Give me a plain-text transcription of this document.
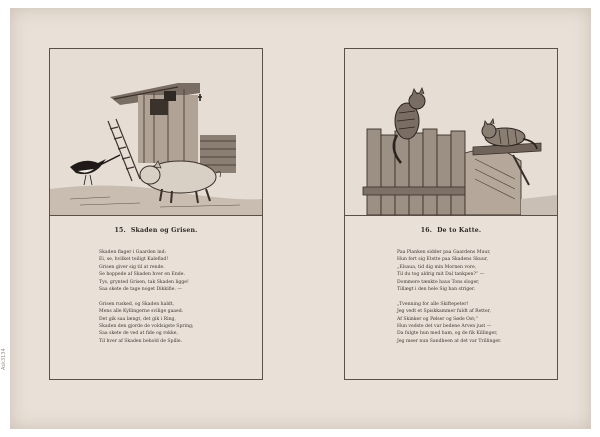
15. Skaden og Grisen.
Skaden flager i Gaarden ind:
Ei, se, hvilket teiligt Kaleflad!
Grisen giver sig til at rende.
Se hoppede af Skaden hver en Ende.
Tys, grynted Grisen, tak Skaden ligge!
Saa skete de tage noget Dikkifie. —
Grisen rusked, og Skaden haldt,
Mens alle Kyllingerne svilige gaaed.
Det gik saa længt, det gik i Ring,
Skaden den gjorde de voldsigste Spring;
Saa skete de ved at fide og rokke,
Til hver af Skaden behold de Spille.
16. De to Katte.
Paa Planken sidder paa Gaardens Muur,
Hun fert sig Etstte paa Skadens Skuur,
„Elsaua, tid dig min Mornen vore,
Til du tog aldrig mit Dal tankpen?“ —
Dommere tænkte haus Tons sloger,
Tillægt i den hele Sig han striger.
„Tvenning for alle Skiftepeter!
Jeg vedt et Spiskkammer fuldt af Retter,
Af Skinker og Pølser og Søde Ost;“
Hun vedste det var bedene Arven just —
Da fulgte hun med ham, og de fik Killinger,
Jeg meer nun Sandheen at det var Trillinger.
Ask3134
